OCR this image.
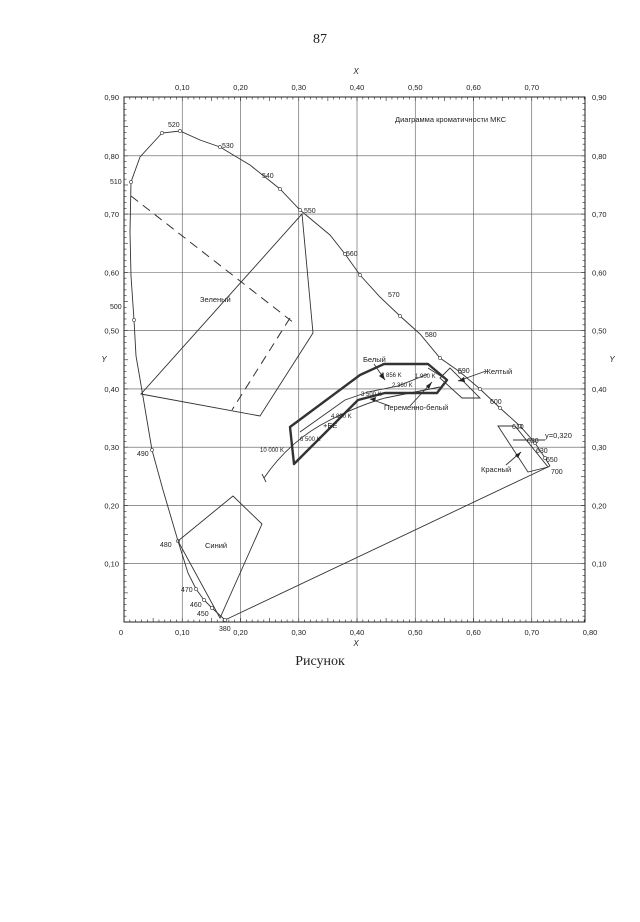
87
Диаграмма кроматичности МКС
X
X
Y	Y
0
Зеленый
Синий
Белый
Переменно-белый
Желтый
Красный
y=0,320
+EE
2 856 K
2 360 K
1 900 K
3 500 K
4 800 K
6 500 K
10 000 K
380
450
460
470
480
490
500
510
520
530
540
550
560
570
580
590
600
610
620
630
650
700
0,10	0,20	0,30	0,40	0,50	0,60	0,70	0,80
0,10	0,20	0,30	0,40	0,50	0,60	0,70
0,10
0,20
0,30
0,40
0,50
0,60
0,70
0,80
0,90
0,10
0,20
0,30
0,40
0,50
0,60
0,70
0,80
0,90
Рисунок
